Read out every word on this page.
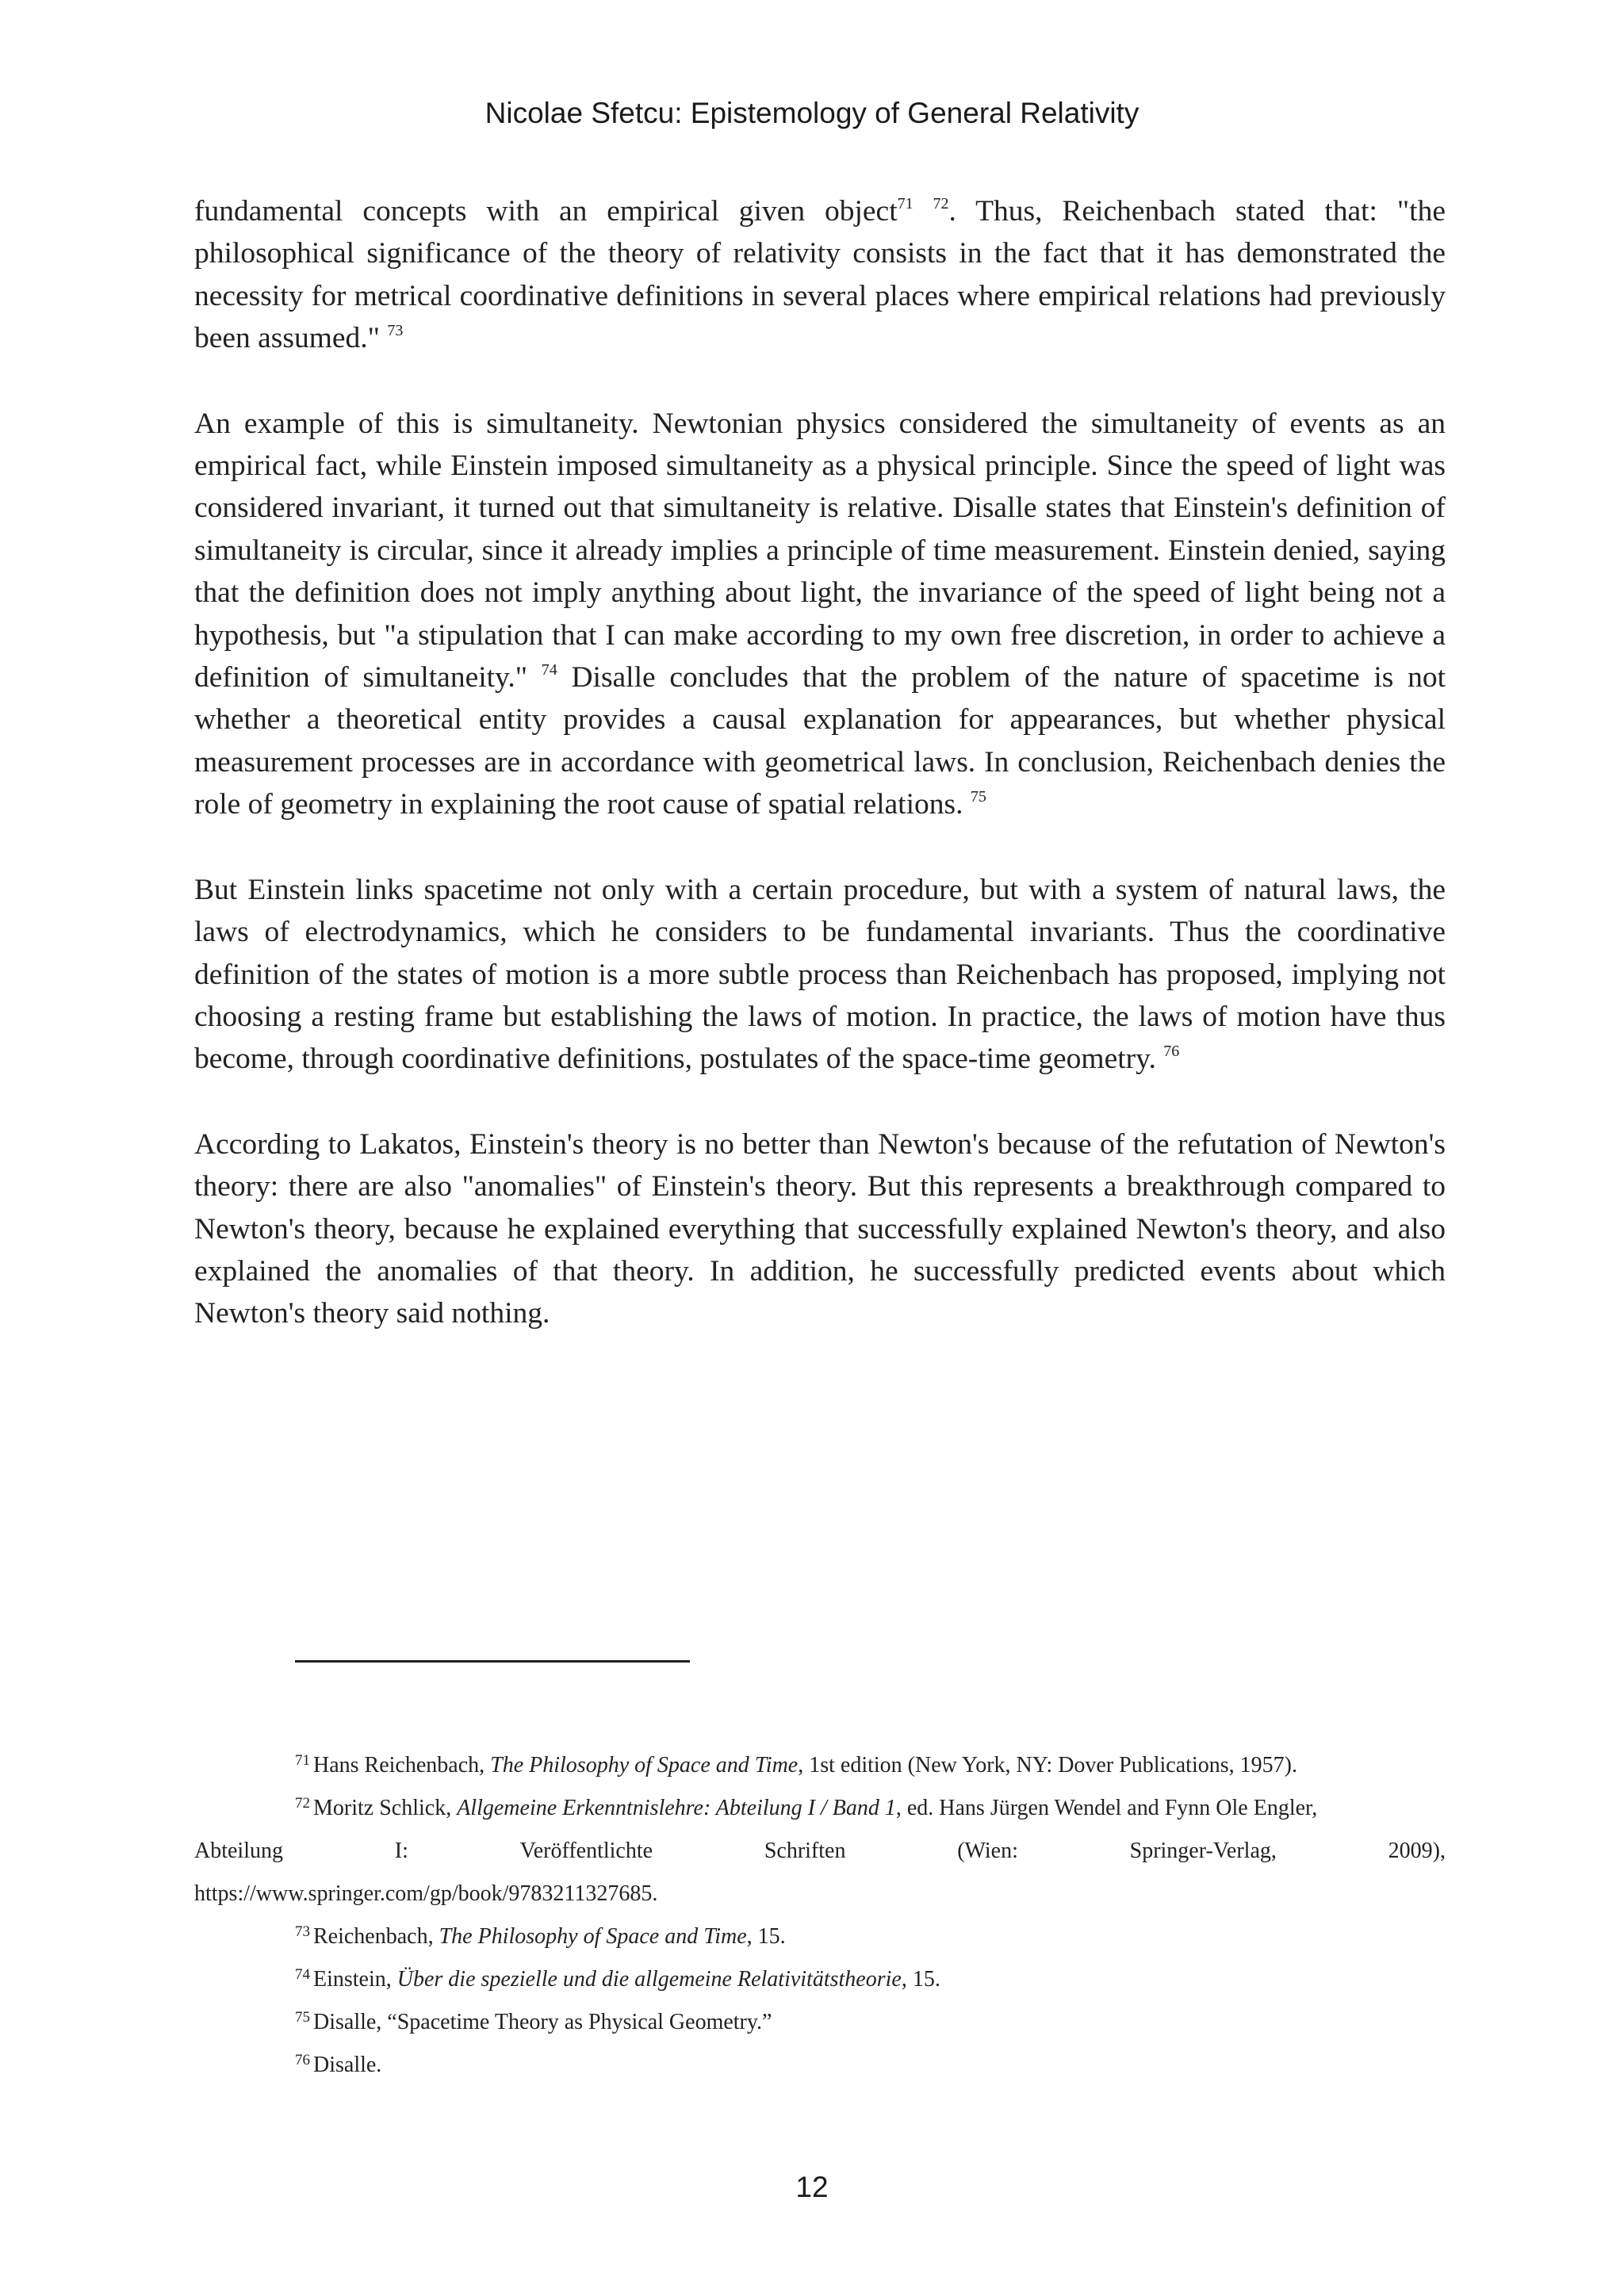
Nicolae Sfetcu: Epistemology of General Relativity

fundamental concepts with an empirical given object$^{71}$ $^{72}$. Thus, Reichenbach stated that: "the philosophical significance of the theory of relativity consists in the fact that it has demonstrated the necessity for metrical coordinative definitions in several places where empirical relations had previously been assumed." $^{73}$

An example of this is simultaneity. Newtonian physics considered the simultaneity of events as an empirical fact, while Einstein imposed simultaneity as a physical principle. Since the speed of light was considered invariant, it turned out that simultaneity is relative. Disalle states that Einstein's definition of simultaneity is circular, since it already implies a principle of time measurement. Einstein denied, saying that the definition does not imply anything about light, the invariance of the speed of light being not a hypothesis, but "a stipulation that I can make according to my own free discretion, in order to achieve a definition of simultaneity." $^{74}$ Disalle concludes that the problem of the nature of spacetime is not whether a theoretical entity provides a causal explanation for appearances, but whether physical measurement processes are in accordance with geometrical laws. In conclusion, Reichenbach denies the role of geometry in explaining the root cause of spatial relations. $^{75}$

But Einstein links spacetime not only with a certain procedure, but with a system of natural laws, the laws of electrodynamics, which he considers to be fundamental invariants. Thus the coordinative definition of the states of motion is a more subtle process than Reichenbach has proposed, implying not choosing a resting frame but establishing the laws of motion. In practice, the laws of motion have thus become, through coordinative definitions, postulates of the space-time geometry. $^{76}$

According to Lakatos, Einstein's theory is no better than Newton's because of the refutation of Newton's theory: there are also "anomalies" of Einstein's theory. But this represents a breakthrough compared to Newton's theory, because he explained everything that successfully explained Newton's theory, and also explained the anomalies of that theory. In addition, he successfully predicted events about which Newton's theory said nothing.

$^{71}$ Hans Reichenbach, The Philosophy of Space and Time, 1st edition (New York, NY: Dover Publications, 1957).

$^{72}$ Moritz Schlick, Allgemeine Erkenntnislehre: Abteilung I / Band 1, ed. Hans Jürgen Wendel and Fynn Ole Engler,

Abteilung	I:	Veröffentlichte	Schriften	(Wien:	Springer-Verlag,	2009),

https://www.springer.com/gp/book/9783211327685.

$^{73}$ Reichenbach, The Philosophy of Space and Time, 15.

$^{74}$ Einstein, Über die spezielle und die allgemeine Relativitätstheorie, 15.

$^{75}$ Disalle, “Spacetime Theory as Physical Geometry.”

$^{76}$ Disalle.

12
